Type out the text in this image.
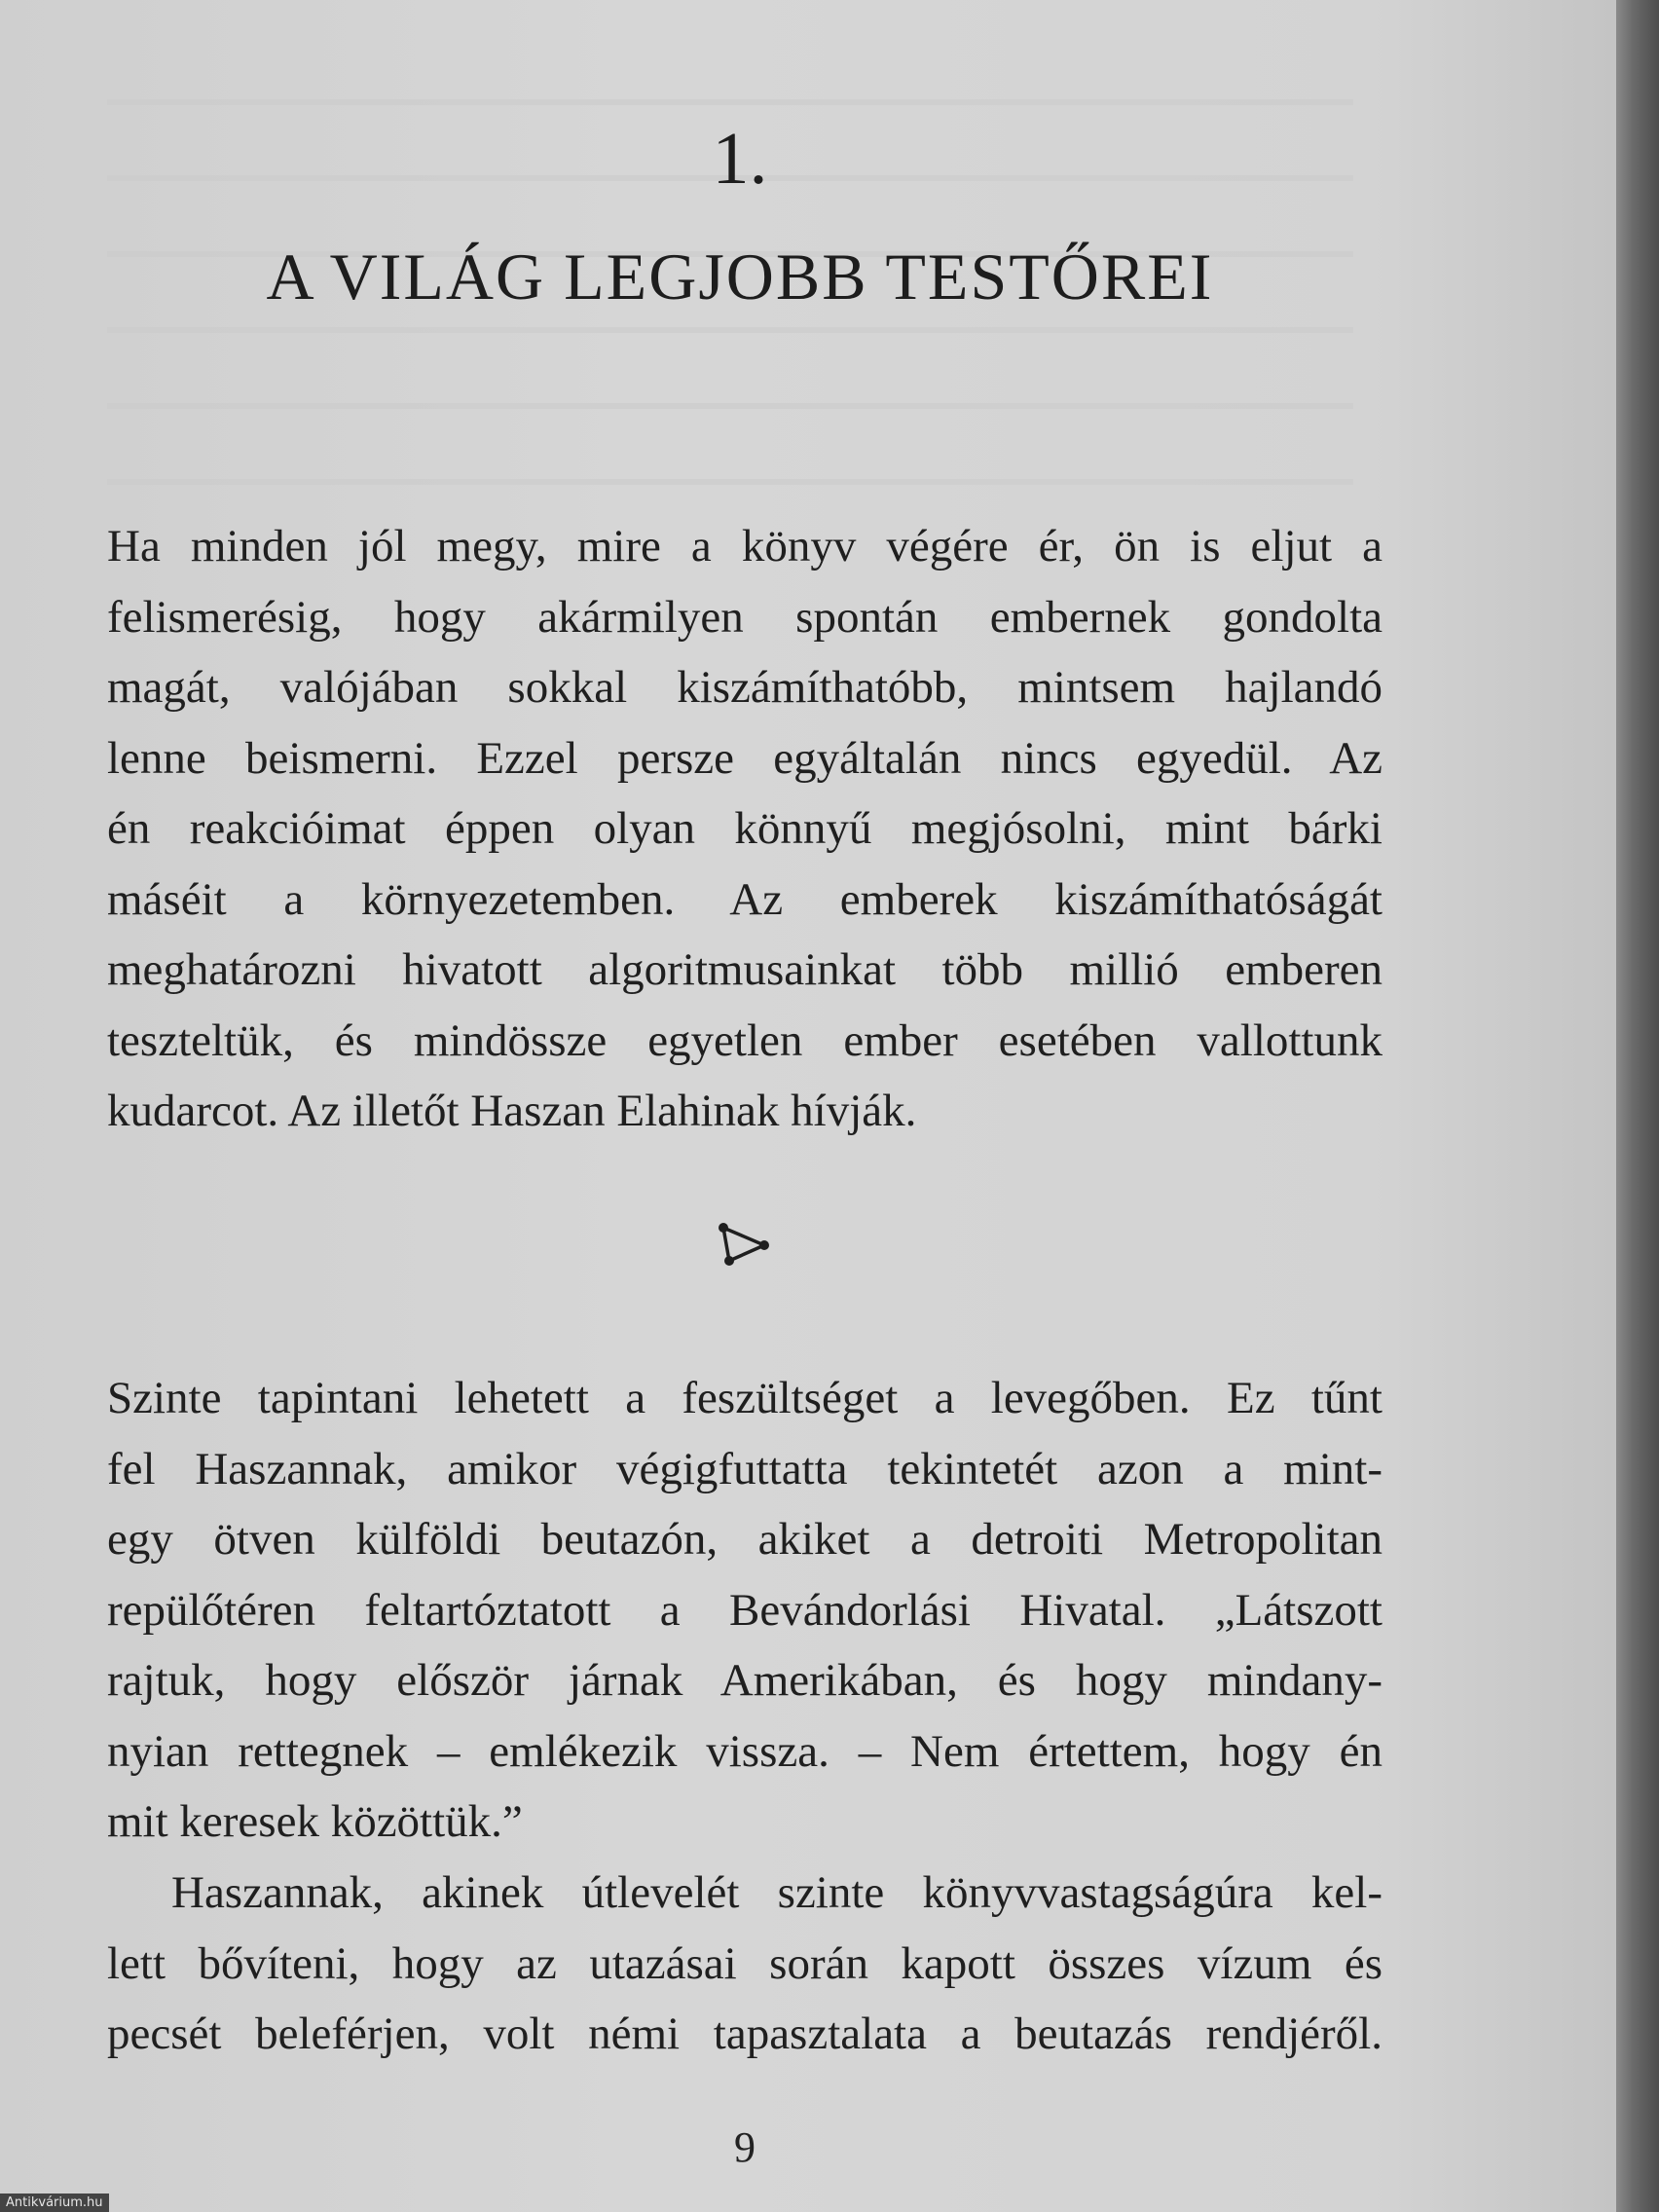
1.
A VILÁG LEGJOBB TESTŐREI
Ha minden jól megy, mire a könyv végére ér, ön is eljut a
felismerésig, hogy akármilyen spontán embernek gondolta
magát, valójában sokkal kiszámíthatóbb, mintsem hajlandó
lenne beismerni. Ezzel persze egyáltalán nincs egyedül. Az
én reakcióimat éppen olyan könnyű megjósolni, mint bárki
máséit a környezetemben. Az emberek kiszámíthatóságát
meghatározni hivatott algoritmusainkat több millió emberen
teszteltük, és mindössze egyetlen ember esetében vallottunk
kudarcot. Az illetőt Haszan Elahinak hívják.
Szinte tapintani lehetett a feszültséget a levegőben. Ez tűnt
fel Haszannak, amikor végigfuttatta tekintetét azon a mint-
egy ötven külföldi beutazón, akiket a detroiti Metropolitan
repülőtéren feltartóztatott a Bevándorlási Hivatal. „Látszott
rajtuk, hogy először járnak Amerikában, és hogy mindany-
nyian rettegnek – emlékezik vissza. – Nem értettem, hogy én
mit keresek közöttük.”
Haszannak, akinek útlevelét szinte könyvvastagságúra kel-
lett bővíteni, hogy az utazásai során kapott összes vízum és
pecsét beleférjen, volt némi tapasztalata a beutazás rendjéről.
9
Antikvárium.hu
